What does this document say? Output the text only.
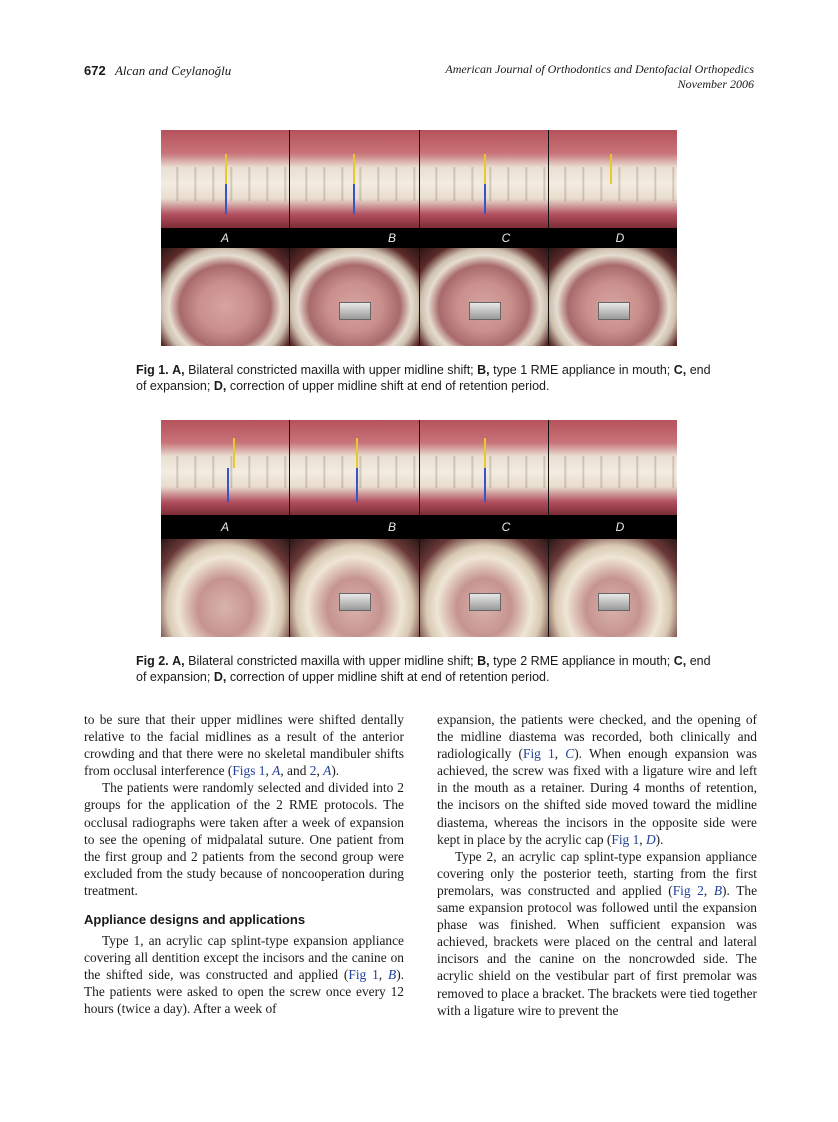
672 Alcan and Ceylanoğlu	American Journal of Orthodontics and Dentofacial Orthopedics
November 2006
A	B	C	D
Fig 1. A, Bilateral constricted maxilla with upper midline shift; B, type 1 RME appliance in mouth; C, end of expansion; D, correction of upper midline shift at end of retention period.
A	B	C	D
Fig 2. A, Bilateral constricted maxilla with upper midline shift; B, type 2 RME appliance in mouth; C, end of expansion; D, correction of upper midline shift at end of retention period.

to be sure that their upper midlines were shifted dentally relative to the facial midlines as a result of the anterior crowding and that there were no skeletal mandibuler shifts from occlusal interference (Figs 1, A, and 2, A).

The patients were randomly selected and divided into 2 groups for the application of the 2 RME protocols. The occlusal radiographs were taken after a week of expansion to see the opening of midpalatal suture. One patient from the first group and 2 patients from the second group were excluded from the study because of noncooperation during treatment.

Appliance designs and applications

Type 1, an acrylic cap splint-type expansion appliance covering all dentition except the incisors and the canine on the shifted side, was constructed and applied (Fig 1, B). The patients were asked to open the screw once every 12 hours (twice a day). After a week of

expansion, the patients were checked, and the opening of the midline diastema was recorded, both clinically and radiologically (Fig 1, C). When enough expansion was achieved, the screw was fixed with a ligature wire and left in the mouth as a retainer. During 4 months of retention, the incisors on the shifted side moved toward the midline diastema, whereas the incisors in the opposite side were kept in place by the acrylic cap (Fig 1, D).

Type 2, an acrylic cap splint-type expansion appliance covering only the posterior teeth, starting from the first premolars, was constructed and applied (Fig 2, B). The same expansion protocol was followed until the expansion phase was finished. When sufficient expansion was achieved, brackets were placed on the central and lateral incisors and the canine on the noncrowded side. The acrylic shield on the vestibular part of first premolar was removed to place a bracket. The brackets were tied together with a ligature wire to prevent the
